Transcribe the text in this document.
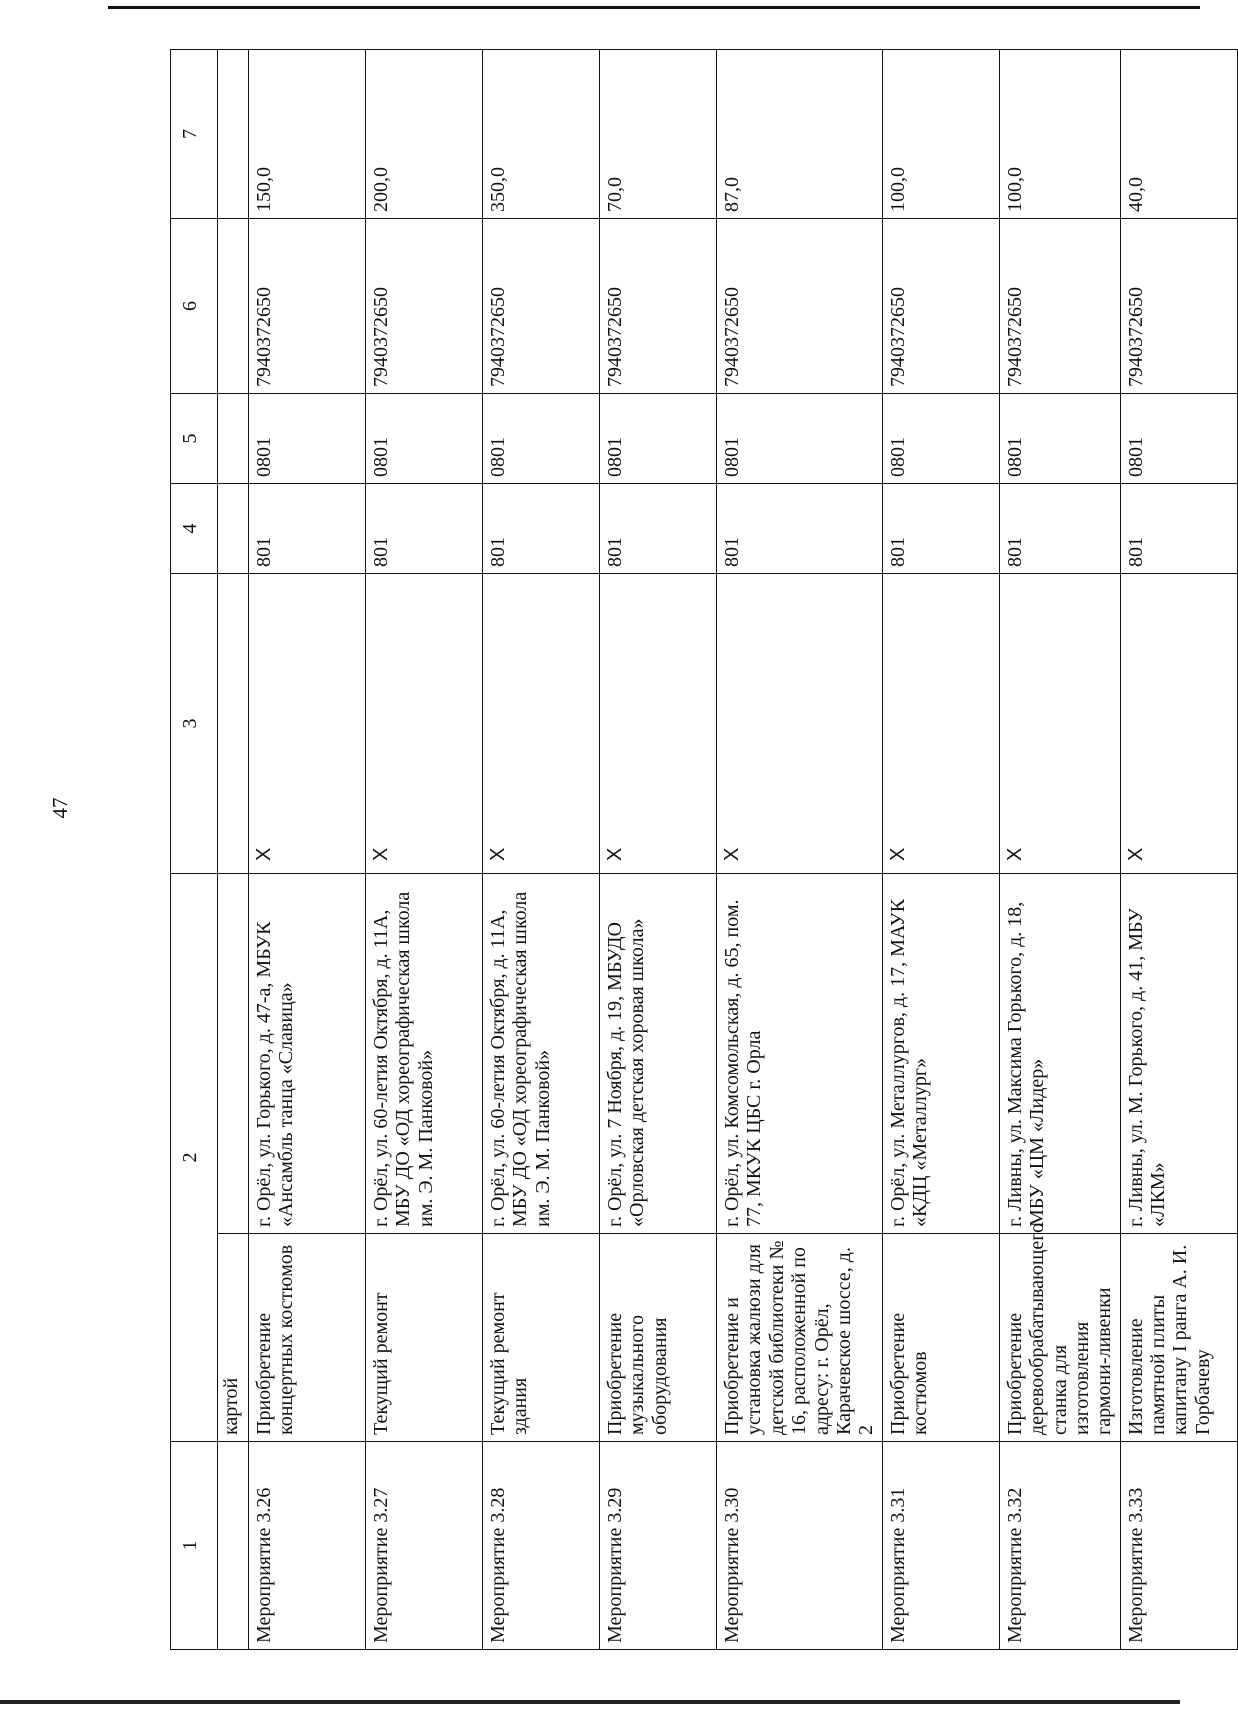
47
1	2		3	4	5	6	7
	картой						
Мероприятие 3.26	Приобретение концертных костюмов	г. Орёл, ул. Горького, д. 47-а, МБУК «Ансамбль танца «Славица»	X	801	0801	7940372650	150,0
Мероприятие 3.27	Текущий ремонт	г. Орёл, ул. 60-летия Октября, д. 11А, МБУ ДО «ОД хореографическая школа им. Э. М. Панковой»	X	801	0801	7940372650	200,0
Мероприятие 3.28	Текущий ремонт здания	г. Орёл, ул. 60-летия Октября, д. 11А, МБУ ДО «ОД хореографическая школа им. Э. М. Панковой»	X	801	0801	7940372650	350,0
Мероприятие 3.29	Приобретение музыкального оборудования	г. Орёл, ул. 7 Ноября, д. 19, МБУДО «Орловская детская хоровая школа»	X	801	0801	7940372650	70,0
Мероприятие 3.30	Приобретение и установка жалюзи для детской библиотеки № 16, расположенной по адресу: г. Орёл, Карачевское шоссе, д. 2	г. Орёл, ул. Комсомольская, д. 65, пом. 77, МКУК ЦБС г. Орла	X	801	0801	7940372650	87,0
Мероприятие 3.31	Приобретение костюмов	г. Орёл, ул. Металлургов, д. 17, МАУК «КДЦ «Металлург»	X	801	0801	7940372650	100,0
Мероприятие 3.32	Приобретение деревообрабатывающего станка для изготовления гармони-ливенки	г. Ливны, ул. Максима Горького, д. 18, МБУ «ЦМ «Лидер»	X	801	0801	7940372650	100,0
Мероприятие 3.33	Изготовление памятной плиты капитану I ранга А. И. Горбачеву	г. Ливны, ул. М. Горького, д. 41, МБУ «ЛКМ»	X	801	0801	7940372650	40,0
